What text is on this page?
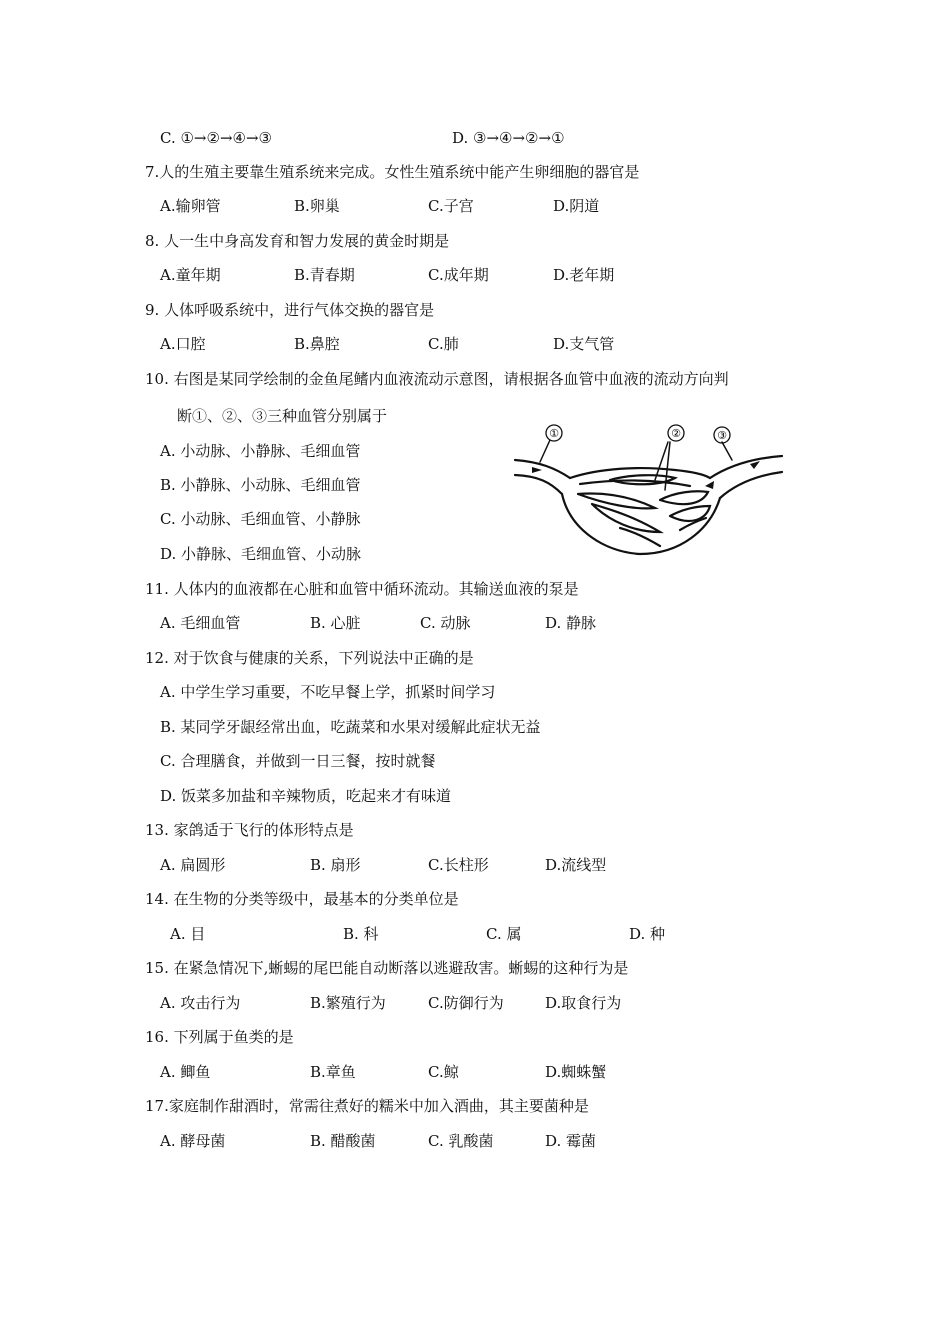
C. ①→②→④→③	D. ③→④→②→①
7.人的生殖主要靠生殖系统来完成。女性生殖系统中能产生卵细胞的器官是
A.输卵管	B.卵巢	C.子宫	D.阴道
8. 人一生中身高发育和智力发展的黄金时期是
A.童年期	B.青春期	C.成年期	D.老年期
9. 人体呼吸系统中，进行气体交换的器官是
A.口腔	B.鼻腔	C.肺	D.支气管
10. 右图是某同学绘制的金鱼尾鳍内血液流动示意图，请根据各血管中血液的流动方向判
断①、②、③三种血管分别属于
A. 小动脉、小静脉、毛细血管
B. 小静脉、小动脉、毛细血管
C. 小动脉、毛细血管、小静脉
D. 小静脉、毛细血管、小动脉
①	②	③
11. 人体内的血液都在心脏和血管中循环流动。其输送血液的泵是
A. 毛细血管	B. 心脏	C. 动脉	D. 静脉
12. 对于饮食与健康的关系，下列说法中正确的是
A. 中学生学习重要，不吃早餐上学，抓紧时间学习
B. 某同学牙龈经常出血，吃蔬菜和水果对缓解此症状无益
C. 合理膳食，并做到一日三餐，按时就餐
D. 饭菜多加盐和辛辣物质，吃起来才有味道
13. 家鸽适于飞行的体形特点是
A. 扁圆形	B. 扇形	C.长柱形	D.流线型
14. 在生物的分类等级中，最基本的分类单位是
A. 目	B. 科	C. 属	D. 种
15. 在紧急情况下,蜥蜴的尾巴能自动断落以逃避敌害。蜥蜴的这种行为是
A. 攻击行为	B.繁殖行为	C.防御行为	D.取食行为
16. 下列属于鱼类的是
A. 鲫鱼	B.章鱼	C.鲸	D.蜘蛛蟹
17.家庭制作甜酒时，常需往煮好的糯米中加入酒曲，其主要菌种是
A. 酵母菌	B. 醋酸菌	C. 乳酸菌	D. 霉菌
